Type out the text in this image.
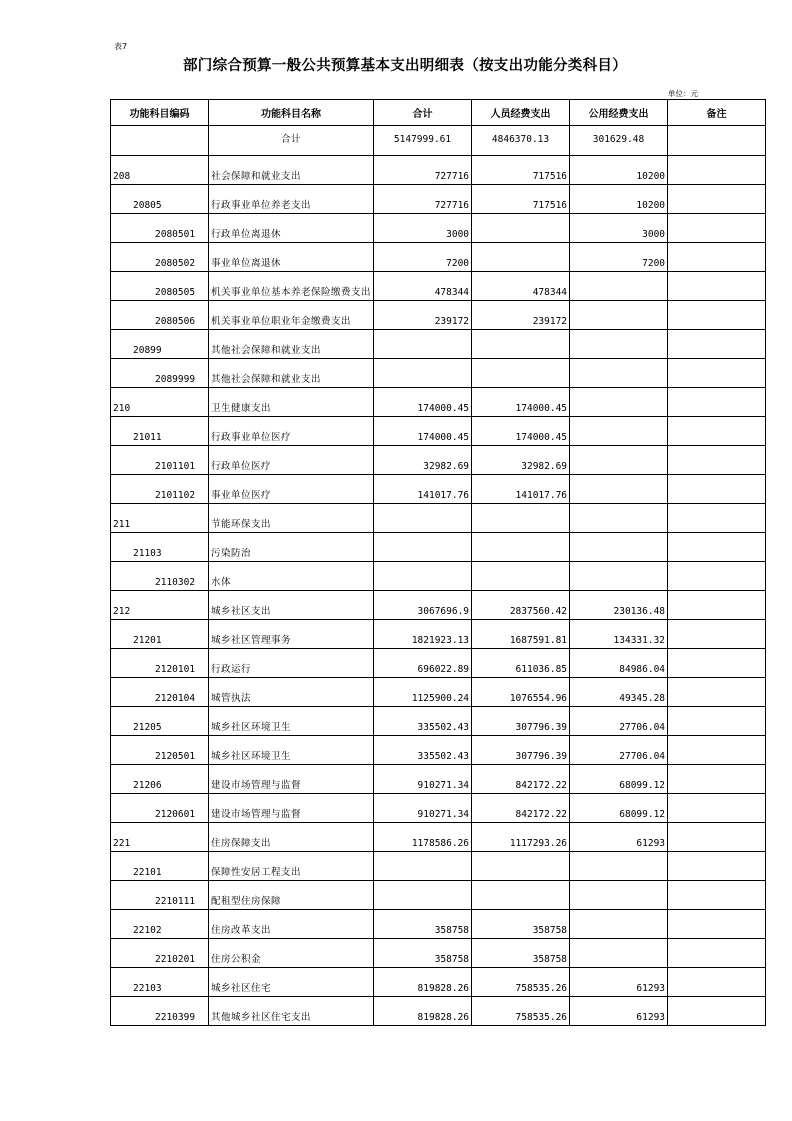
表7
部门综合预算一般公共预算基本支出明细表（按支出功能分类科目）
单位：元
功能科目编码	功能科目名称	合计	人员经费支出	公用经费支出	备注
	合计	5147999.61	4846370.13	301629.48	
208	社会保障和就业支出	727716	717516	10200	
20805	行政事业单位养老支出	727716	717516	10200	
2080501	行政单位离退休	3000		3000	
2080502	事业单位离退休	7200		7200	
2080505	机关事业单位基本养老保险缴费支出	478344	478344		
2080506	机关事业单位职业年金缴费支出	239172	239172		
20899	其他社会保障和就业支出				
2089999	其他社会保障和就业支出				
210	卫生健康支出	174000.45	174000.45		
21011	行政事业单位医疗	174000.45	174000.45		
2101101	行政单位医疗	32982.69	32982.69		
2101102	事业单位医疗	141017.76	141017.76		
211	节能环保支出				
21103	污染防治				
2110302	水体				
212	城乡社区支出	3067696.9	2837560.42	230136.48	
21201	城乡社区管理事务	1821923.13	1687591.81	134331.32	
2120101	行政运行	696022.89	611036.85	84986.04	
2120104	城管执法	1125900.24	1076554.96	49345.28	
21205	城乡社区环境卫生	335502.43	307796.39	27706.04	
2120501	城乡社区环境卫生	335502.43	307796.39	27706.04	
21206	建设市场管理与监督	910271.34	842172.22	68099.12	
2120601	建设市场管理与监督	910271.34	842172.22	68099.12	
221	住房保障支出	1178586.26	1117293.26	61293	
22101	保障性安居工程支出				
2210111	配租型住房保障				
22102	住房改革支出	358758	358758		
2210201	住房公积金	358758	358758		
22103	城乡社区住宅	819828.26	758535.26	61293	
2210399	其他城乡社区住宅支出	819828.26	758535.26	61293	
